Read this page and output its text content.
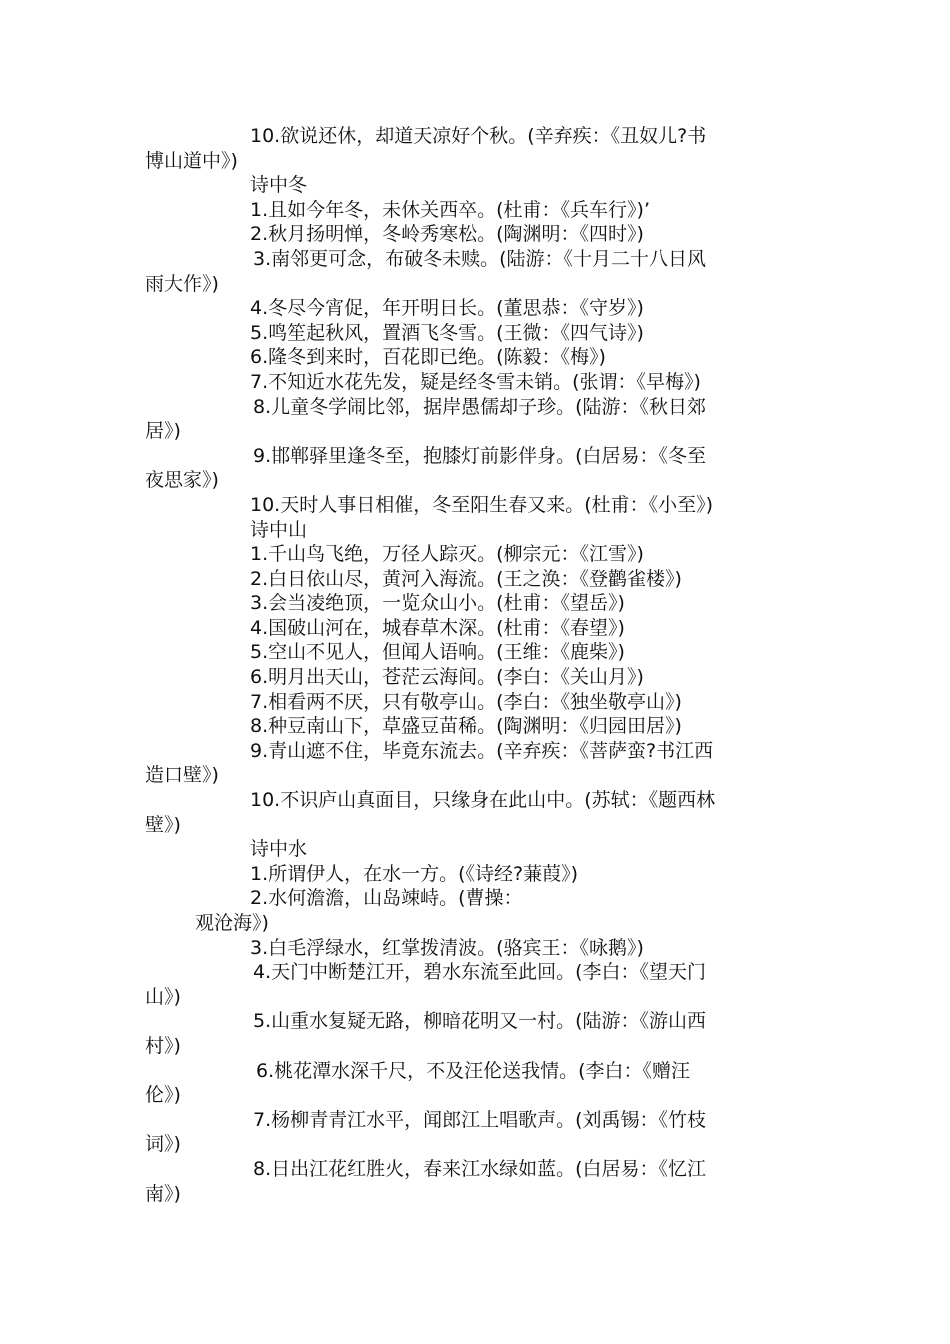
10.欲说还休，却道天凉好个秋。(辛弃疾：《丑奴儿?书
博山道中》)
诗中冬
1.且如今年冬，未休关西卒。(杜甫：《兵车行》)’
2.秋月扬明惮，冬岭秀寒松。(陶渊明：《四时》)
3.南邻更可念，布破冬未赎。(陆游：《十月二十八日风
雨大作》)
4.冬尽今宵促，年开明日长。(董思恭：《守岁》)
5.鸣笙起秋风，置酒飞冬雪。(王微：《四气诗》)
6.隆冬到来时，百花即已绝。(陈毅：《梅》)
7.不知近水花先发，疑是经冬雪未销。(张谓：《早梅》)
8.儿童冬学闹比邻，据岸愚儒却子珍。(陆游：《秋日郊
居》)
9.邯郸驿里逢冬至，抱膝灯前影伴身。(白居易：《冬至
夜思家》)
10.天时人事日相催，冬至阳生春又来。(杜甫：《小至》)
诗中山
1.千山鸟飞绝，万径人踪灭。(柳宗元：《江雪》)
2.白日依山尽，黄河入海流。(王之涣：《登鹳雀楼》)
3.会当凌绝顶，一览众山小。(杜甫：《望岳》)
4.国破山河在，城春草木深。(杜甫：《春望》)
5.空山不见人，但闻人语响。(王维：《鹿柴》)
6.明月出天山，苍茫云海间。(李白：《关山月》)
7.相看两不厌，只有敬亭山。(李白：《独坐敬亭山》)
8.种豆南山下，草盛豆苗稀。(陶渊明：《归园田居》)
9.青山遮不住，毕竟东流去。(辛弃疾：《菩萨蛮?书江西
造口壁》)
10.不识庐山真面目，只缘身在此山中。(苏轼：《题西林
壁》)
诗中水
1.所谓伊人，在水一方。(《诗经?蒹葭》)
2.水何澹澹，山岛竦峙。(曹操：
观沧海》)
3.白毛浮绿水，红掌拨清波。(骆宾王：《咏鹅》)
4.天门中断楚江开，碧水东流至此回。(李白：《望天门
山》)
5.山重水复疑无路，柳暗花明又一村。(陆游：《游山西
村》)
6.桃花潭水深千尺，不及汪伦送我情。(李白：《赠汪
伦》)
7.杨柳青青江水平，闻郎江上唱歌声。(刘禹锡：《竹枝
词》)
8.日出江花红胜火，春来江水绿如蓝。(白居易：《忆江
南》)
